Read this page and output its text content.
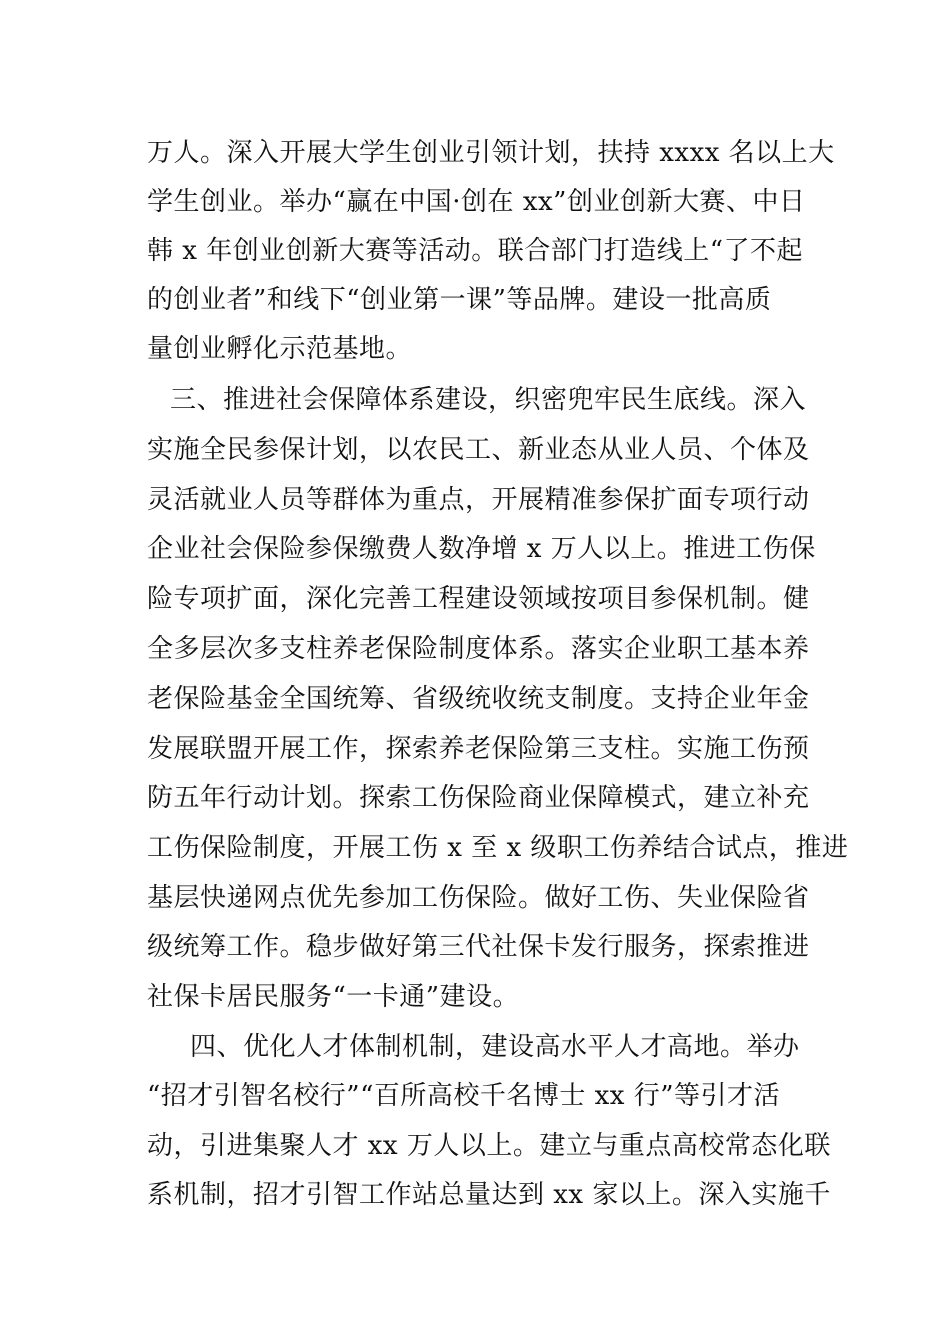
万人。深入开展大学生创业引领计划，扶持 xxxx 名以上大
学生创业。举办“赢在中国·创在 xx”创业创新大赛、中日
韩 x 年创业创新大赛等活动。联合部门打造线上“了不起
的创业者”和线下“创业第一课”等品牌。建设一批高质
量创业孵化示范基地。
三、推进社会保障体系建设，织密兜牢民生底线。深入
实施全民参保计划，以农民工、新业态从业人员、个体及
灵活就业人员等群体为重点，开展精准参保扩面专项行动
企业社会保险参保缴费人数净增 x 万人以上。推进工伤保
险专项扩面，深化完善工程建设领域按项目参保机制。健
全多层次多支柱养老保险制度体系。落实企业职工基本养
老保险基金全国统筹、省级统收统支制度。支持企业年金
发展联盟开展工作，探索养老保险第三支柱。实施工伤预
防五年行动计划。探索工伤保险商业保障模式，建立补充
工伤保险制度，开展工伤 x 至 x 级职工伤养结合试点，推进
基层快递网点优先参加工伤保险。做好工伤、失业保险省
级统筹工作。稳步做好第三代社保卡发行服务，探索推进
社保卡居民服务“一卡通”建设。
四、优化人才体制机制，建设高水平人才高地。举办
“招才引智名校行”“百所高校千名博士 xx 行”等引才活
动，引进集聚人才 xx 万人以上。建立与重点高校常态化联
系机制，招才引智工作站总量达到 xx 家以上。深入实施千
